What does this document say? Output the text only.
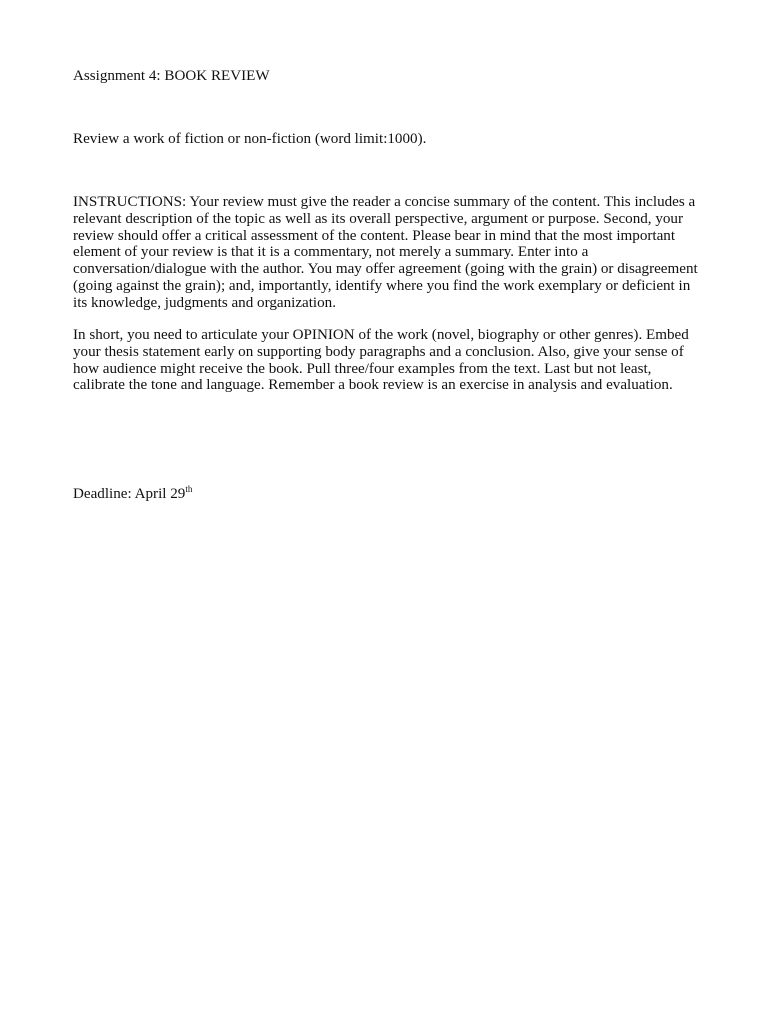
Assignment 4: BOOK REVIEW

Review a work of fiction or non-fiction (word limit:1000).

INSTRUCTIONS: Your review must give the reader a concise summary of the content. This includes a relevant description of the topic as well as its overall perspective, argument or purpose. Second, your review should offer a critical assessment of the content. Please bear in mind that the most important element of your review is that it is a commentary, not merely a summary. Enter into a conversation/dialogue with the author. You may offer agreement (going with the grain) or disagreement (going against the grain); and, importantly, identify where you find the work exemplary or deficient in its knowledge, judgments and organization.

In short, you need to articulate your OPINION of the work (novel, biography or other genres). Embed your thesis statement early on supporting body paragraphs and a conclusion. Also, give your sense of how audience might receive the book. Pull three/four examples from the text. Last but not least, calibrate the tone and language. Remember a book review is an exercise in analysis and evaluation.

Deadline: April 29th
